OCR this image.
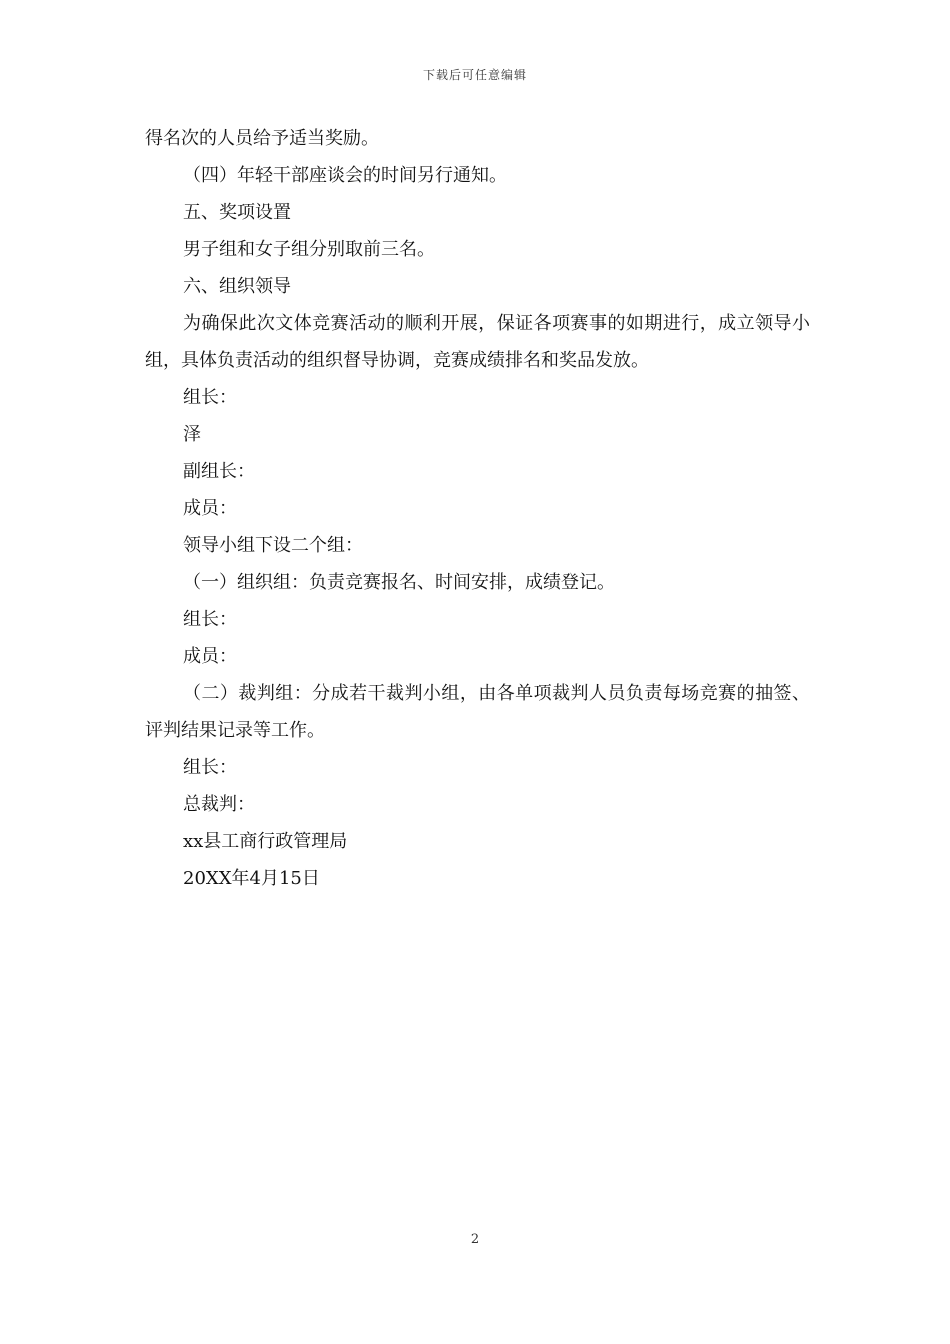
下载后可任意编辑

得名次的人员给予适当奖励。

（四）年轻干部座谈会的时间另行通知。

五、奖项设置

男子组和女子组分别取前三名。

六、组织领导

为确保此次文体竞赛活动的顺利开展，保证各项赛事的如期进行，成立领导小组，具体负责活动的组织督导协调，竞赛成绩排名和奖品发放。

组长：

泽

副组长：

成员：

领导小组下设二个组：

（一）组织组：负责竞赛报名、时间安排，成绩登记。

组长：

成员：

（二）裁判组：分成若干裁判小组，由各单项裁判人员负责每场竞赛的抽签、评判结果记录等工作。

组长：

总裁判：

xx县工商行政管理局

20XX年4月15日

2
